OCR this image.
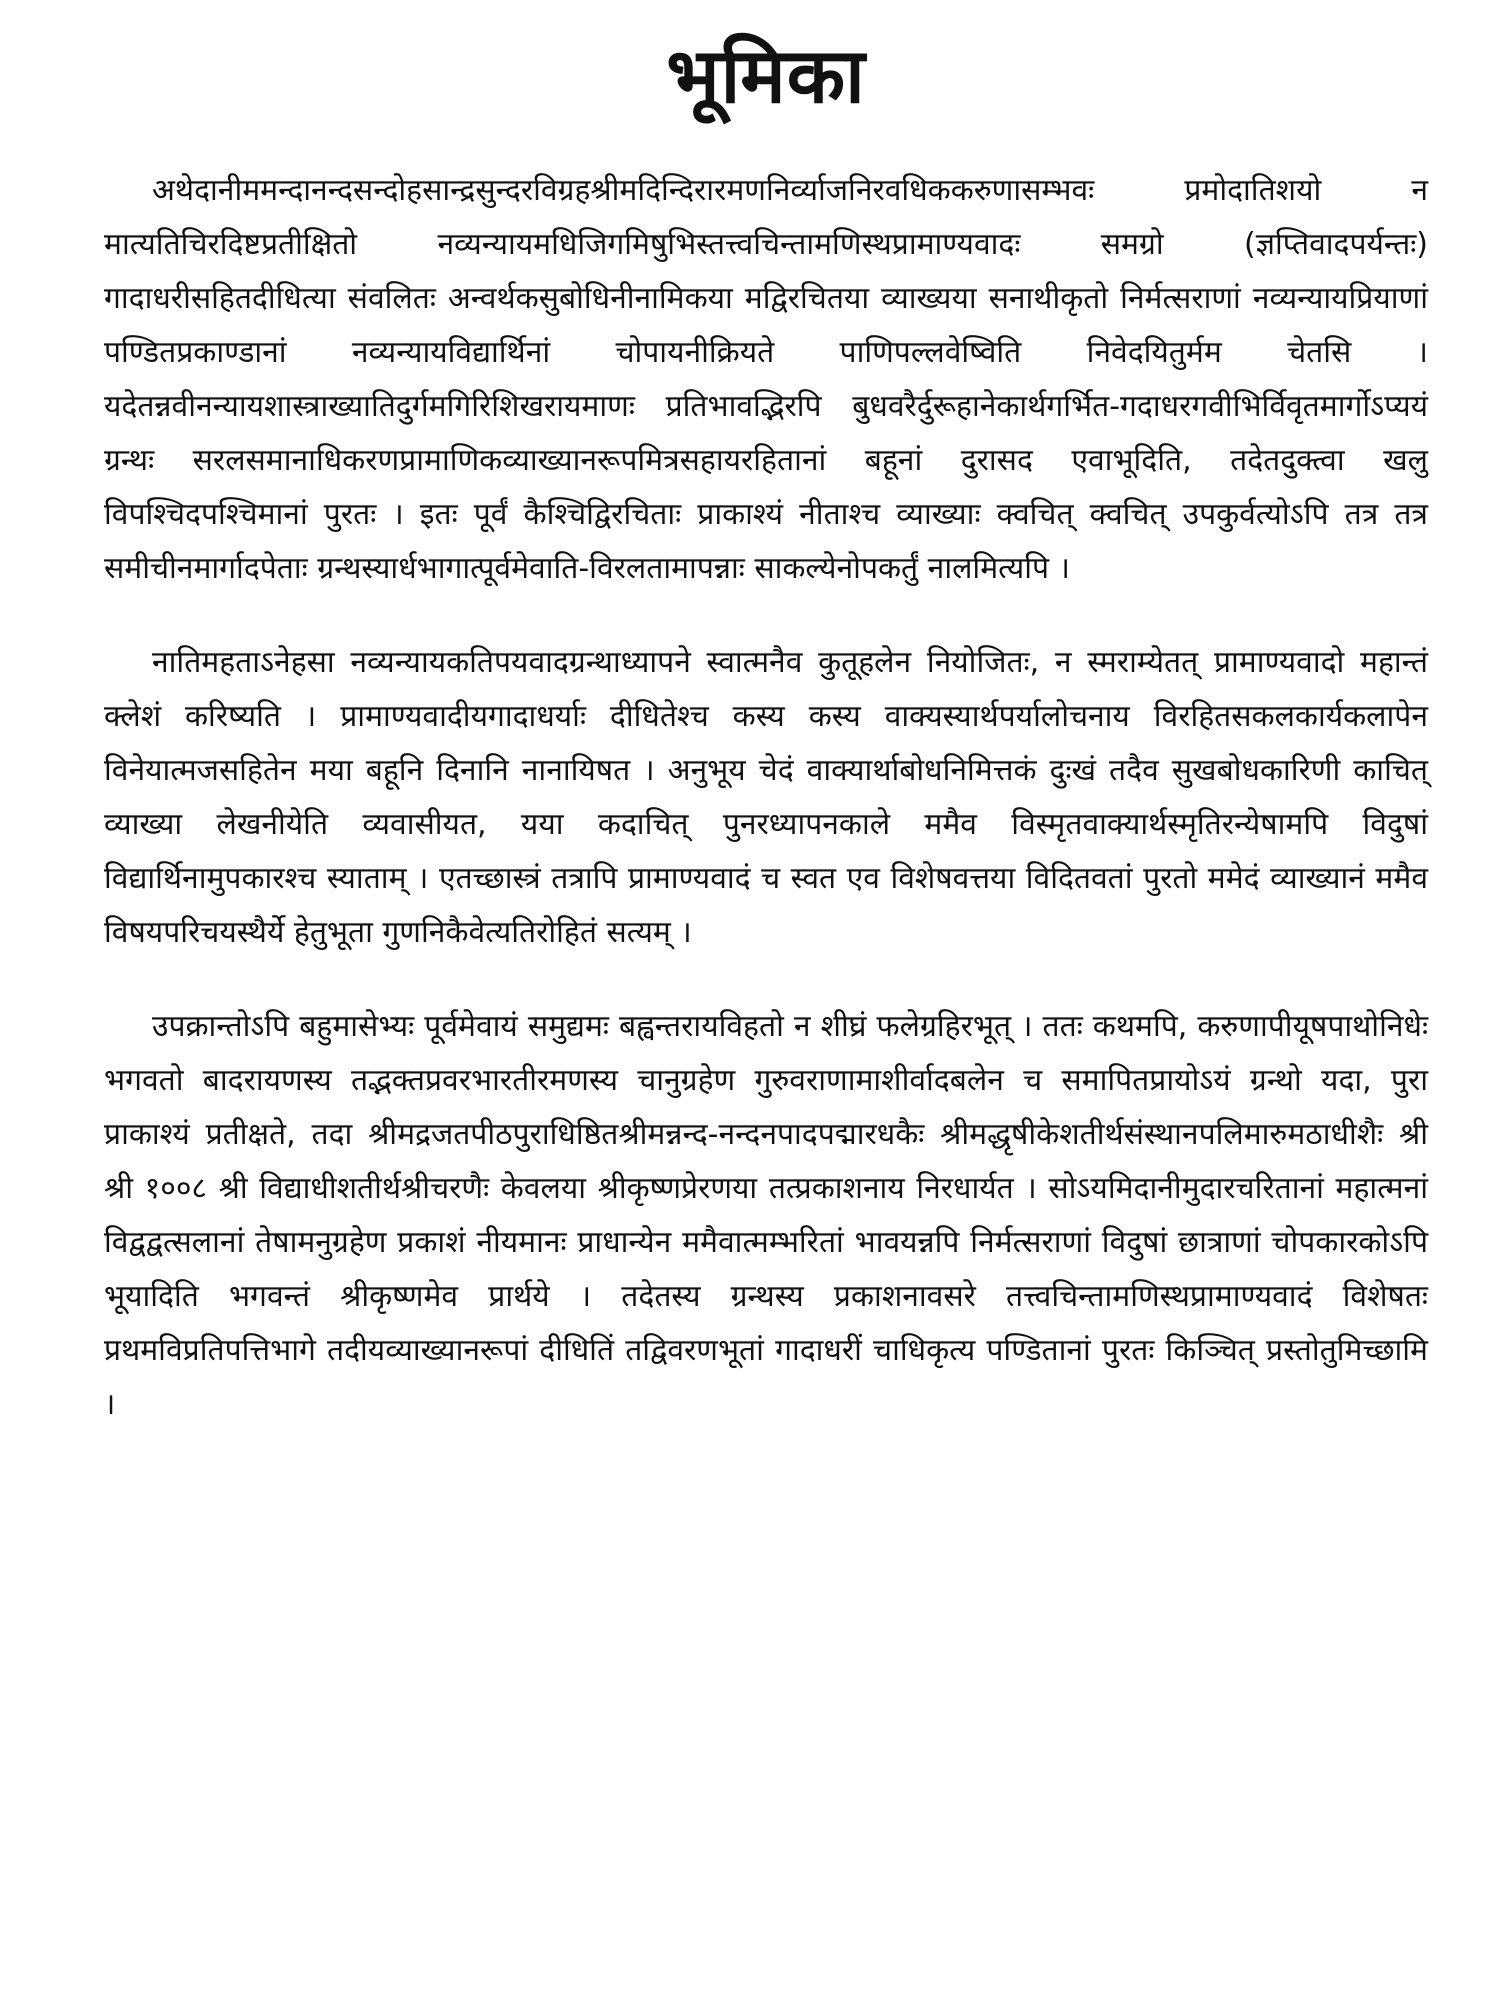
भूमिका

अथेदानीममन्दानन्दसन्दोहसान्द्रसुन्दरविग्रहश्रीमदिन्दिरारमणनिर्व्याजनिरवधिककरुणासम्भवः प्रमोदातिशयो न मात्यतिचिरदिष्टप्रतीक्षितो नव्यन्यायमधिजिगमिषुभिस्तत्त्वचिन्तामणिस्थप्रामाण्यवादः समग्रो (ज्ञप्तिवादपर्यन्तः) गादाधरीसहितदीधित्या संवलितः अन्वर्थकसुबोधिनीनामिकया मद्विरचितया व्याख्यया सनाथीकृतो निर्मत्सराणां नव्यन्यायप्रियाणां पण्डितप्रकाण्डानां नव्यन्यायविद्यार्थिनां चोपायनीक्रियते पाणिपल्लवेष्विति निवेदयितुर्मम चेतसि । यदेतन्नवीनन्यायशास्त्राख्यातिदुर्गमगिरिशिखरायमाणः प्रतिभावद्भिरपि बुधवरैर्दुरूहानेकार्थगर्भित-गदाधरगवीभिर्विवृतमार्गोऽप्ययं ग्रन्थः सरलसमानाधिकरणप्रामाणिकव्याख्यानरूपमित्रसहायरहितानां बहूनां दुरासद एवाभूदिति, तदेतदुक्त्वा खलु विपश्चिदपश्चिमानां पुरतः । इतः पूर्वं कैश्चिद्विरचिताः प्राकाश्यं नीताश्च व्याख्याः क्वचित् क्वचित् उपकुर्वत्योऽपि तत्र तत्र समीचीनमार्गादपेताः ग्रन्थस्यार्धभागात्पूर्वमेवाति-विरलतामापन्नाः साकल्येनोपकर्तुं नालमित्यपि ।

नातिमहताऽनेहसा नव्यन्यायकतिपयवादग्रन्थाध्यापने स्वात्मनैव कुतूहलेन नियोजितः, न स्मराम्येतत् प्रामाण्यवादो महान्तं क्लेशं करिष्यति । प्रामाण्यवादीयगादाधर्याः दीधितेश्च कस्य कस्य वाक्यस्यार्थपर्यालोचनाय विरहितसकलकार्यकलापेन विनेयात्मजसहितेन मया बहूनि दिनानि नानायिषत । अनुभूय चेदं वाक्यार्थाबोधनिमित्तकं दुःखं तदैव सुखबोधकारिणी काचित् व्याख्या लेखनीयेति व्यवासीयत, यया कदाचित् पुनरध्यापनकाले ममैव विस्मृतवाक्यार्थस्मृतिरन्येषामपि विदुषां विद्यार्थिनामुपकारश्च स्याताम् । एतच्छास्त्रं तत्रापि प्रामाण्यवादं च स्वत एव विशेषवत्तया विदितवतां पुरतो ममेदं व्याख्यानं ममैव विषयपरिचयस्थैर्ये हेतुभूता गुणनिकैवेत्यतिरोहितं सत्यम् ।

उपक्रान्तोऽपि बहुमासेभ्यः पूर्वमेवायं समुद्यमः बह्वन्तरायविहतो न शीघ्रं फलेग्रहिरभूत् । ततः कथमपि, करुणापीयूषपाथोनिधेः भगवतो बादरायणस्य तद्भक्तप्रवरभारतीरमणस्य चानुग्रहेण गुरुवराणामाशीर्वादबलेन च समापितप्रायोऽयं ग्रन्थो यदा, पुरा प्राकाश्यं प्रतीक्षते, तदा श्रीमद्रजतपीठपुराधिष्ठितश्रीमन्नन्द-नन्दनपादपद्मारधकैः श्रीमद्धृषीकेशतीर्थसंस्थानपलिमारुमठाधीशैः श्री श्री १००८ श्री विद्याधीशतीर्थश्रीचरणैः केवलया श्रीकृष्णप्रेरणया तत्प्रकाशनाय निरधार्यत । सोऽयमिदानीमुदारचरितानां महात्मनां विद्वद्वत्सलानां तेषामनुग्रहेण प्रकाशं नीयमानः प्राधान्येन ममैवात्मम्भरितां भावयन्नपि निर्मत्सराणां विदुषां छात्राणां चोपकारकोऽपि भूयादिति भगवन्तं श्रीकृष्णमेव प्रार्थये । तदेतस्य ग्रन्थस्य प्रकाशनावसरे तत्त्वचिन्तामणिस्थप्रामाण्यवादं विशेषतः प्रथमविप्रतिपत्तिभागे तदीयव्याख्यानरूपां दीधितिं तद्विवरणभूतां गादाधरीं चाधिकृत्य पण्डितानां पुरतः किञ्चित् प्रस्तोतुमिच्छामि ।
